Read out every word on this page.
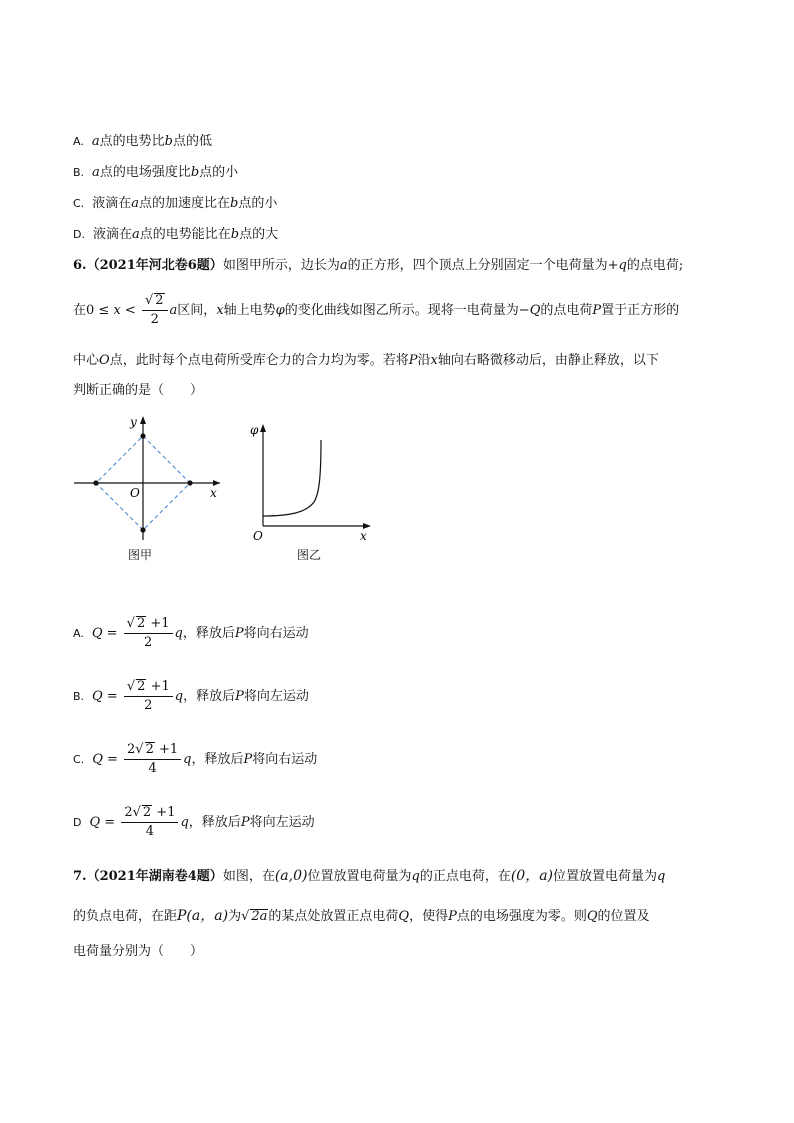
A. a点的电势比b点的低
B. a点的电场强度比b点的小
C. 液滴在a点的加速度比在b点的小
D. 液滴在a点的电势能比在b点的大
6.（2021年河北卷6题）如图甲所示，边长为a的正方形，四个顶点上分别固定一个电荷量为+q的点电荷;
在$0 \le x < \frac{√ 2}{2}$ a区间，x轴上电势φ的变化曲线如图乙所示。现将一电荷量为−Q的点电荷P置于正方形的
中心O点，此时每个点电荷所受库仑力的合力均为零。若将P沿x轴向右略微移动后，由静止释放，以下
判断正确的是（　　）
y
x
O
图甲
φ
x
O
图乙
A. $Q = \frac{√ 2 +1}{2}$ q，释放后P将向右运动
B. $Q = \frac{√ 2 +1}{2}$ q，释放后P将向左运动
C. $Q = \frac{2√ 2 +1}{4}$ q，释放后P将向右运动
D $Q = \frac{2√ 2 +1}{4}$ q，释放后P将向左运动
7.（2021年湖南卷4题）如图，在(a,0)位置放置电荷量为q的正点电荷，在(0，a)位置放置电荷量为q
的负点电荷，在距P(a，a)为√ 2a的某点处放置正点电荷Q，使得P点的电场强度为零。则Q的位置及
电荷量分别为（　　）
